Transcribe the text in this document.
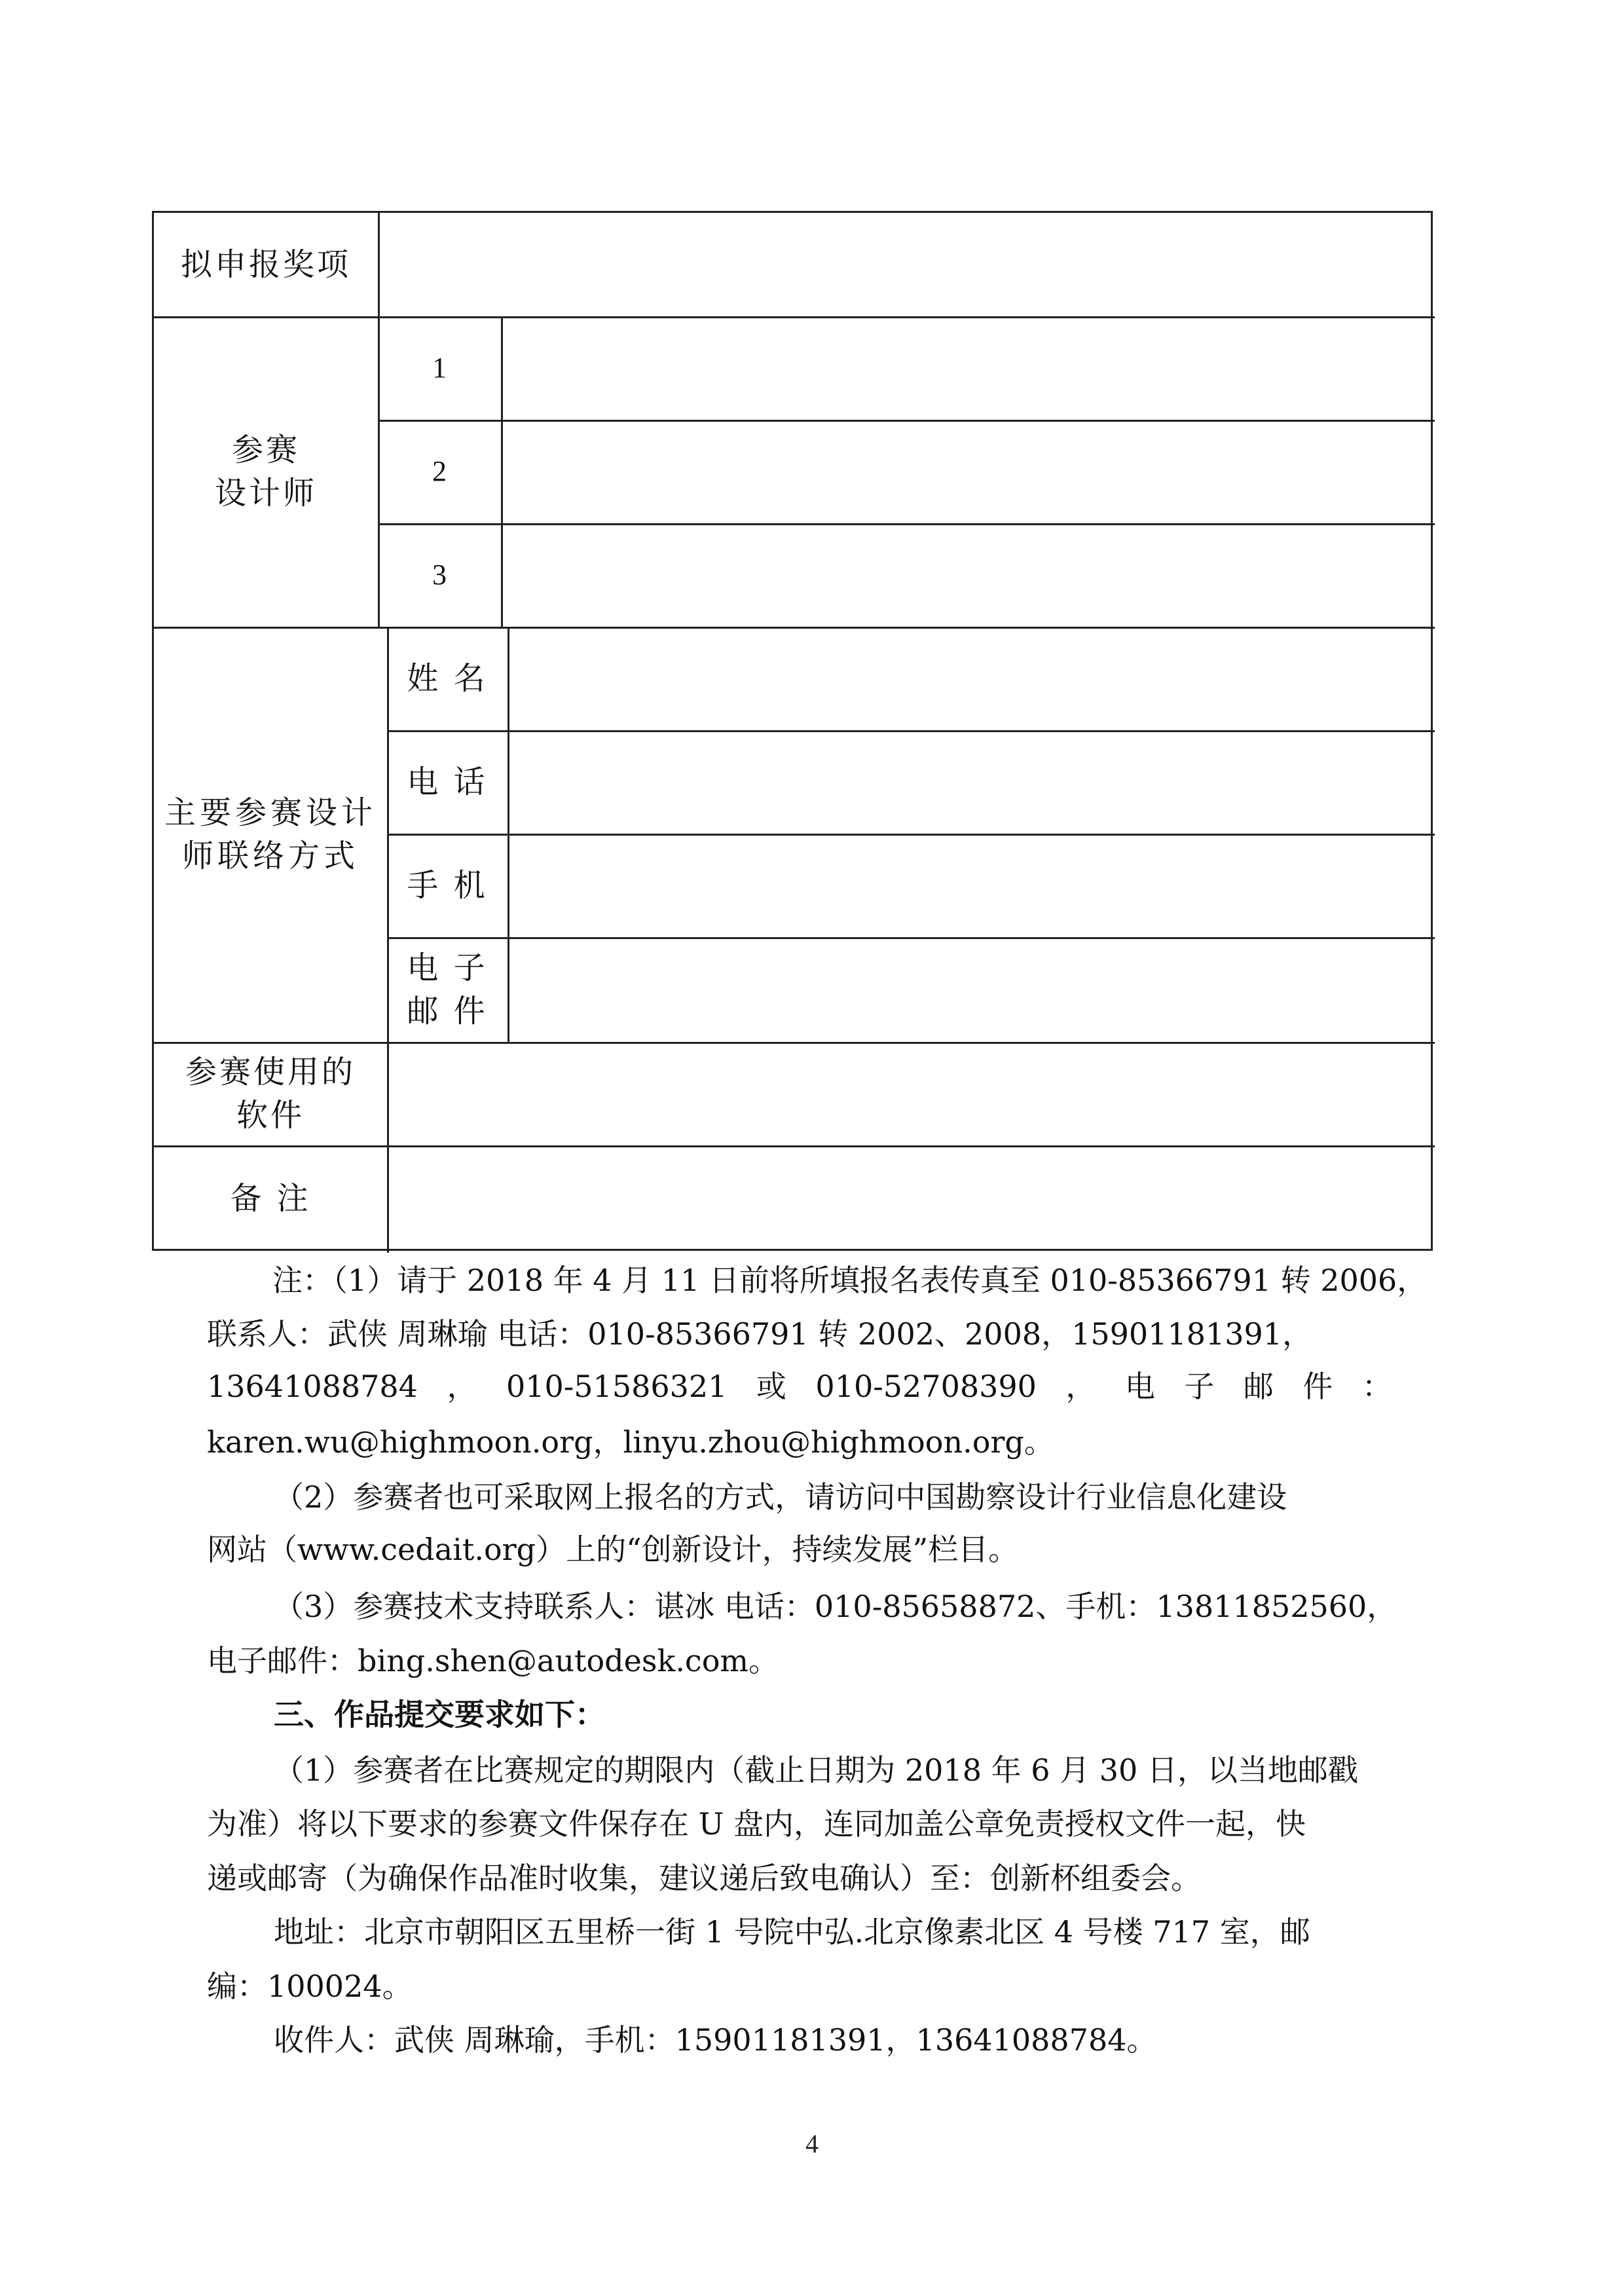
拟申报奖项
参赛
设计师
1
2
3
主要参赛设计
师联络方式
姓 名
电 话
手 机
电 子
邮 件
参赛使用的
软件
备 注
注：（1）请于 2018 年 4 月 11 日前将所填报名表传真至 010-85366791 转 2006，
联系人：武侠 周琳瑜 电话：010-85366791 转 2002、2008，15901181391，
13641088784 ， 010-51586321 或 010-52708390 ， 电 子 邮 件 ：
karen.wu@highmoon.org，linyu.zhou@highmoon.org。
（2）参赛者也可采取网上报名的方式，请访问中国勘察设计行业信息化建设
网站（www.cedait.org）上的“创新设计，持续发展”栏目。
（3）参赛技术支持联系人：谌冰 电话：010-85658872、手机：13811852560，
电子邮件：bing.shen@autodesk.com。
三、作品提交要求如下：
（1）参赛者在比赛规定的期限内（截止日期为 2018 年 6 月 30 日，以当地邮戳
为准）将以下要求的参赛文件保存在 U 盘内，连同加盖公章免责授权文件一起，快
递或邮寄（为确保作品准时收集，建议递后致电确认）至：创新杯组委会。
地址：北京市朝阳区五里桥一街 1 号院中弘.北京像素北区 4 号楼 717 室，邮
编：100024。
收件人：武侠 周琳瑜，手机：15901181391，13641088784。
4
